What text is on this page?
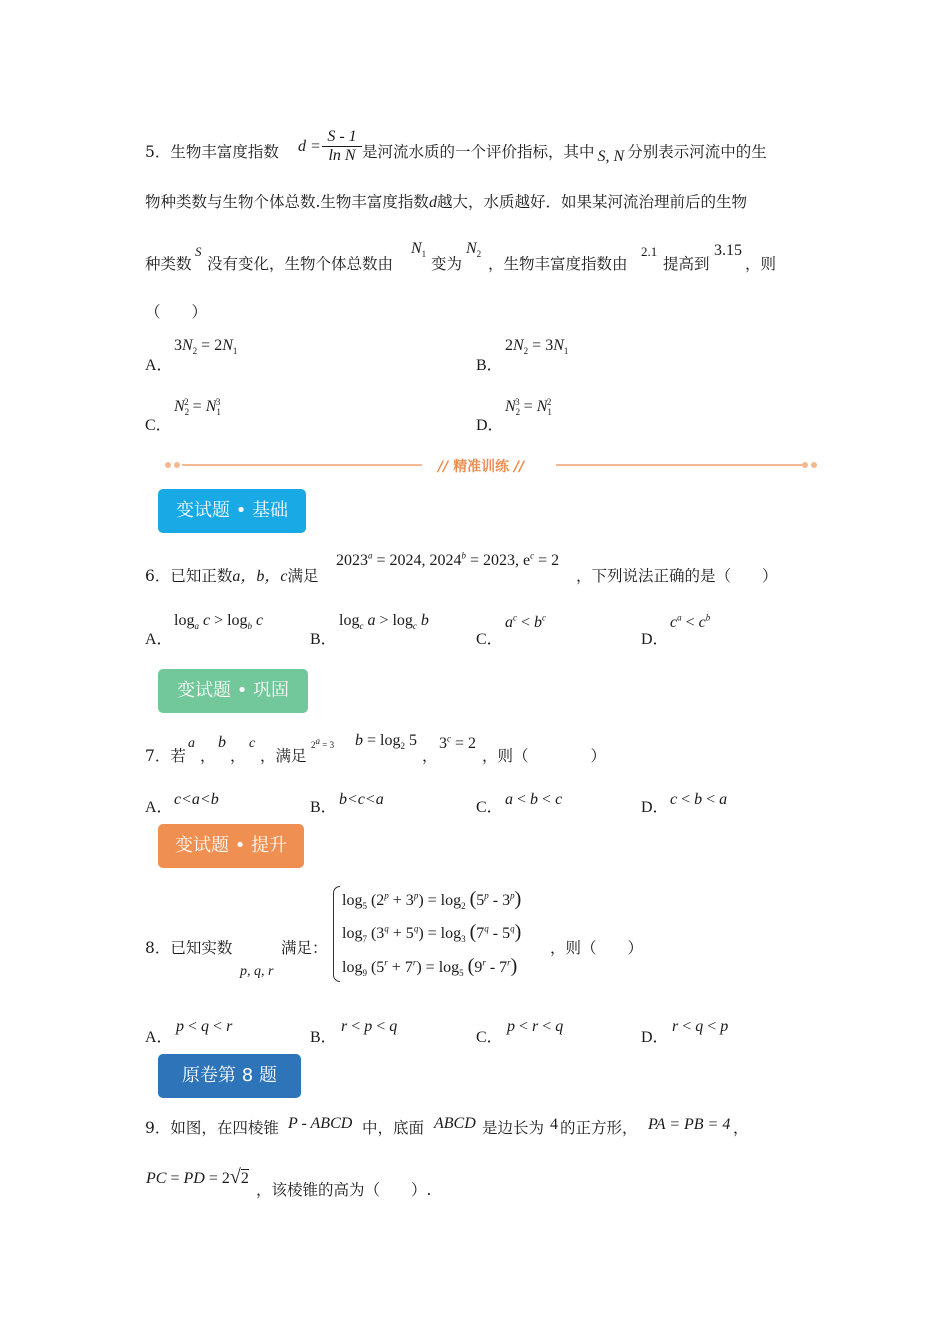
5．生物丰富度指数 $d = \frac{S - 1}{\text{ln N}}$ 是河流水质的一个评价指标，其中 S, N 分别表示河流中的生
物种类数与生物个体总数.生物丰富度指数d越大，水质越好．如果某河流治理前后的生物
种类数
S
没有变化，生物个体总数由
$N_1$
变为
$N_2$
，生物丰富度指数由
2.1
提高到
3.15
，则
（　　）
A．
$3N_2 = 2N_1$
B．
$2N_2 = 3N_1$
C．
$N_2^2 = N_1^3$
D．
$N_2^3 = N_1^2$
// 精准训练 //
变试题 • 基础
6．已知正数a，b，c满足
$2023^a = 2024$, $2024^b = 2023$, $e^c = 2$
，下列说法正确的是（　　）
A．
$\log_a c > \log_b c$
B．
$\log_c a > \log_c b$
C．
$a^c < b^c$
D．
$c^a < c^b$
变试题 • 巩固
7．若
a
，
b
，
c
，满足
$2^a = 3$ $b = \log_2 5$
，
$3^c = 2$
，则（　　　　）
A． c<a<b	B． b<c<a	C． a < b < c	D． c < b < a
变试题 • 提升
8．已知实数
p, q, r
满足：
$\log_5 (2^p + 3^p) = \log_2 (5^p - 3^p)$
$\log_7 (3^q + 5^q) = \log_3 (7^q - 5^q)$
$\log_9 (5^r + 7^r) = \log_5 (9^r - 7^r)$
，则（　　）
A．
p < q < r
B．
r < p < q
C．
p < r < q
D．
r < q < p
原卷第 8 题
9．如图，在四棱锥 P - ABCD 中，底面 ABCD 是边长为 4 的正方形， PA = PB = 4 ，
PC = PD = 2√2
，该棱锥的高为（　　）.
